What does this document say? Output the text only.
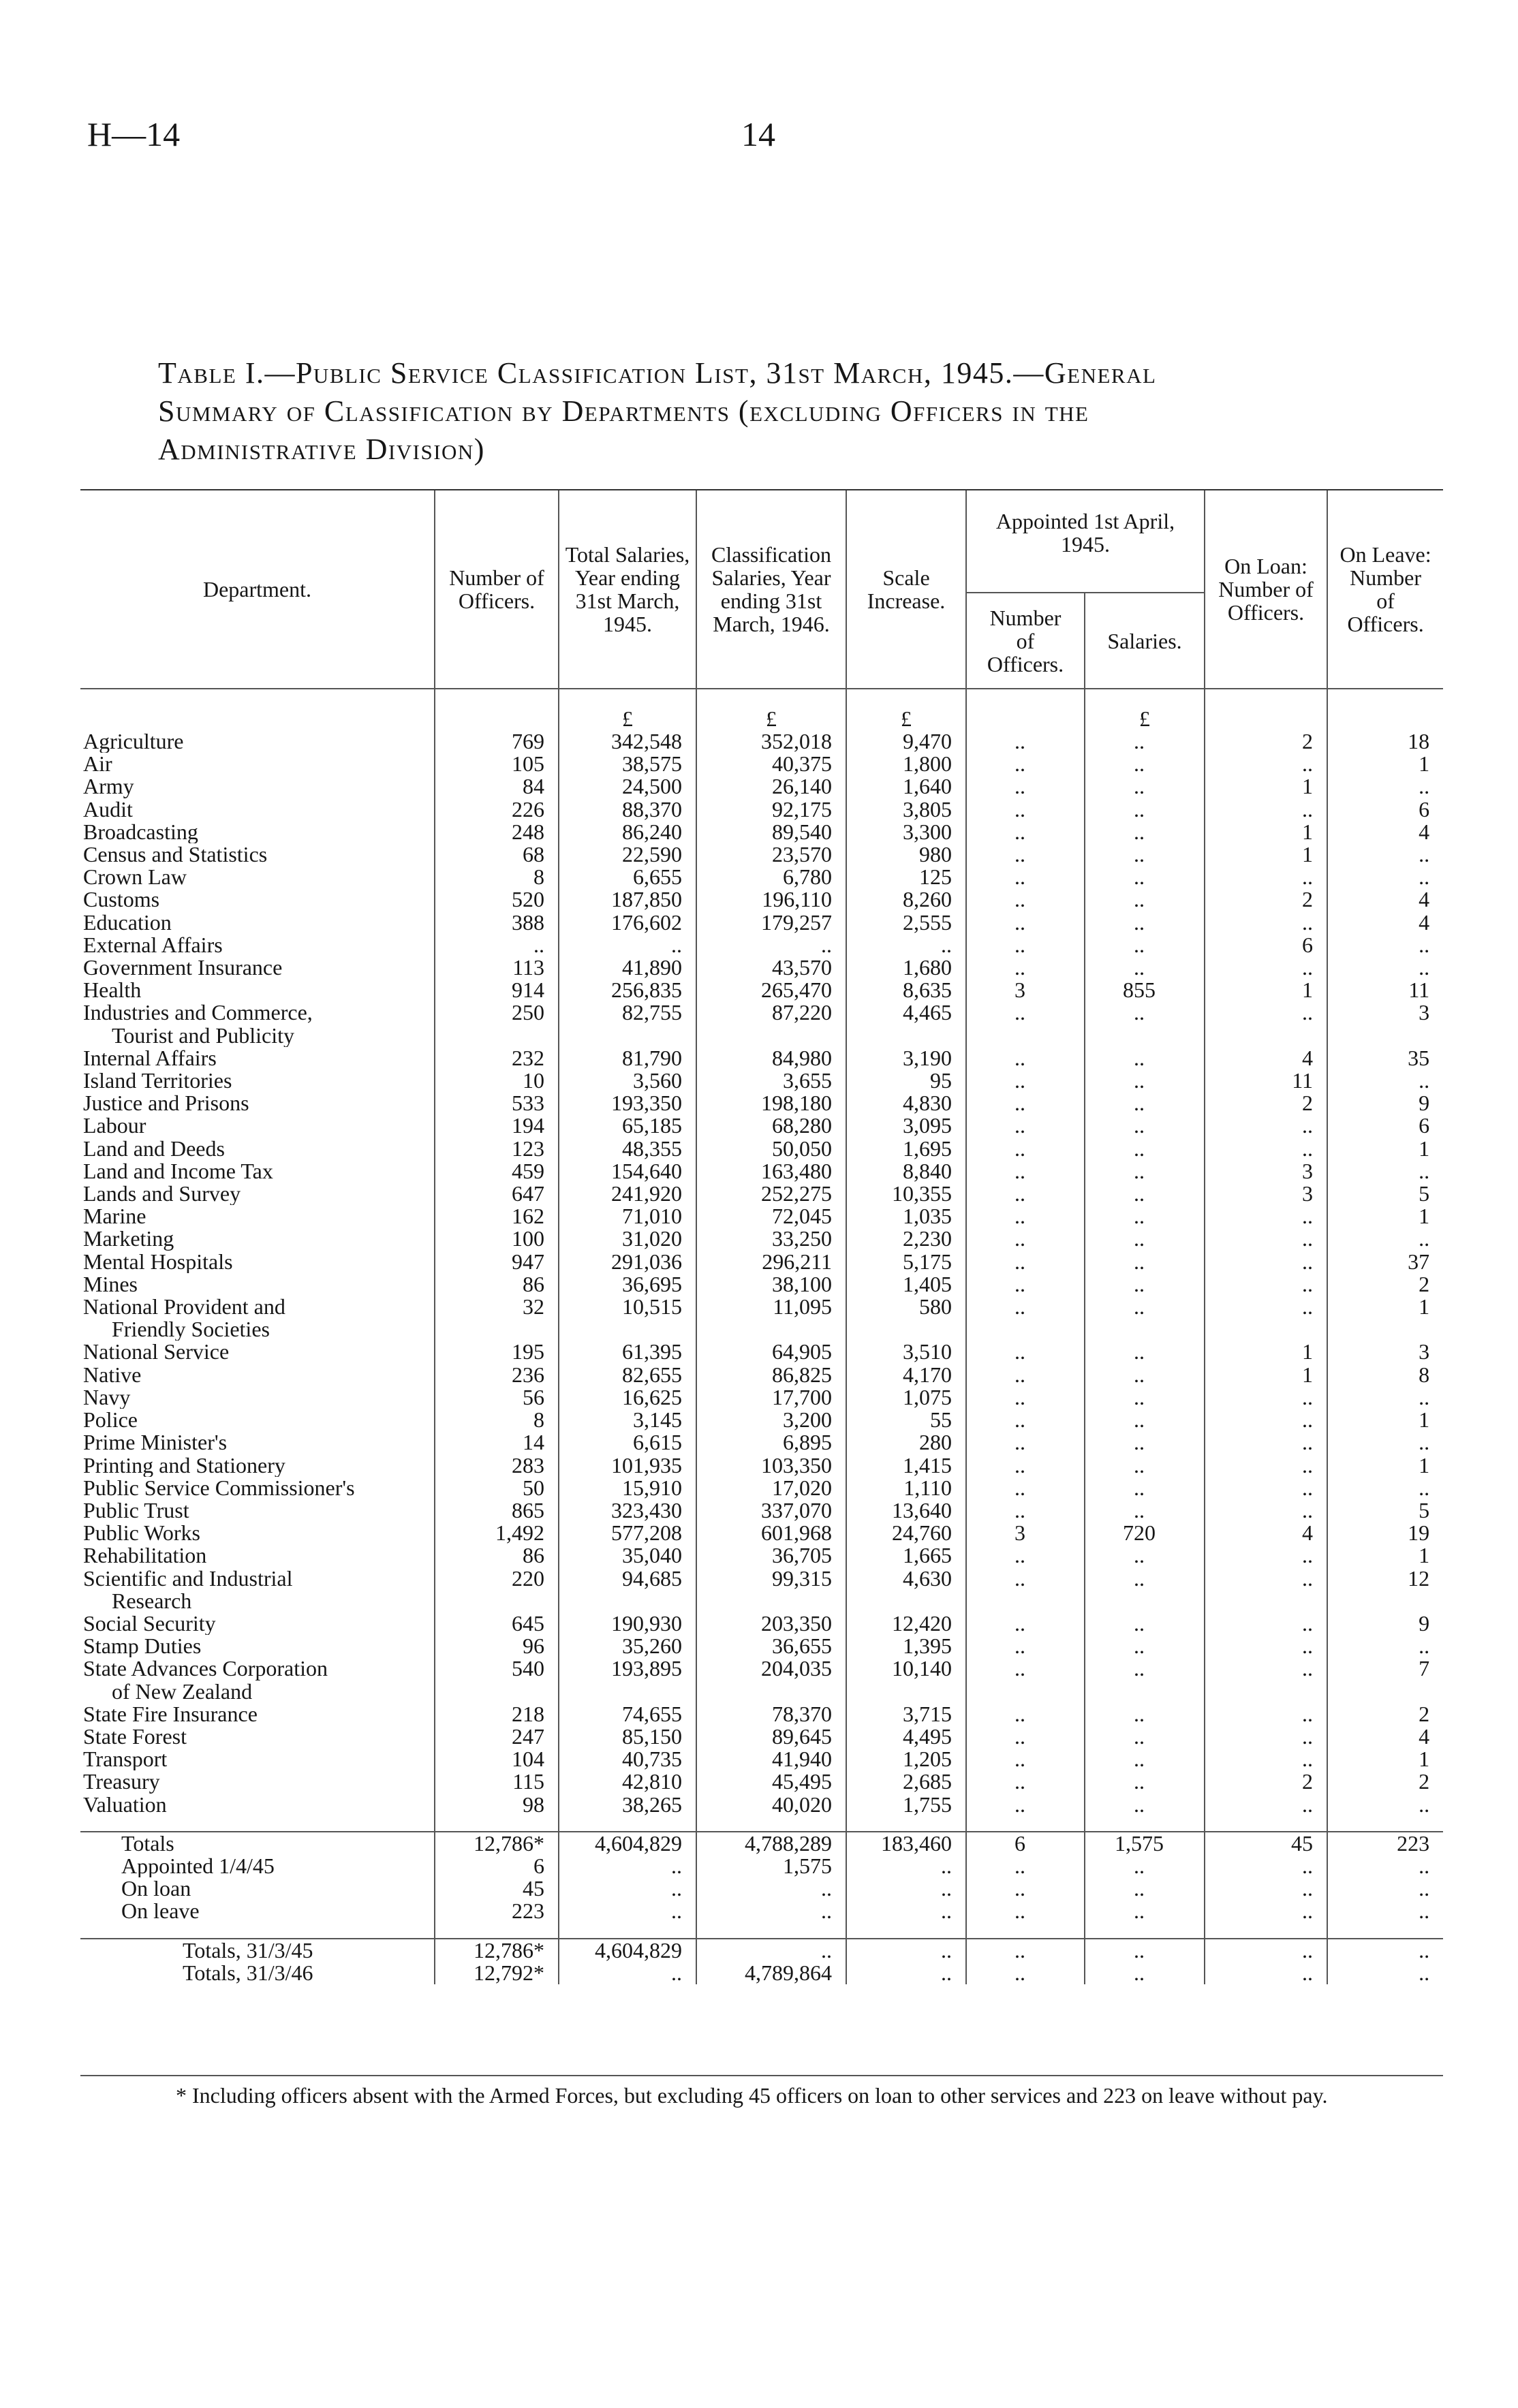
H—14	14
Table I.—Public Service Classification List, 31st March, 1945.—General
Summary of Classification by Departments (excluding Officers in the
Administrative Division)

Department.	Number of Officers.	Total Salaries, Year ending 31st March, 1945.	Classification Salaries, Year ending 31st March, 1946.	Scale Increase.	Appointed 1st April, 1945.		On Loan: Number of Officers.	On Leave: Number of Officers.
					Number of Officers.	Salaries.		
		£	£	£		£		
Agriculture	769	342,548	352,018	9,470	..	..	2	18
Air	105	38,575	40,375	1,800	..	..	..	1
Army	84	24,500	26,140	1,640	..	..	1	..
Audit	226	88,370	92,175	3,805	..	..	..	6
Broadcasting	248	86,240	89,540	3,300	..	..	1	4
Census and Statistics	68	22,590	23,570	980	..	..	1	..
Crown Law	8	6,655	6,780	125	..	..	..	..
Customs	520	187,850	196,110	8,260	..	..	2	4
Education	388	176,602	179,257	2,555	..	..	..	4
External Affairs	..	..	..	..	..	..	6	..
Government Insurance	113	41,890	43,570	1,680	..	..	..	..
Health	914	256,835	265,470	8,635	3	855	1	11
Industries and Commerce,	250	82,755	87,220	4,465	..	..	..	3
Tourist and Publicity								
Internal Affairs	232	81,790	84,980	3,190	..	..	4	35
Island Territories	10	3,560	3,655	95	..	..	11	..
Justice and Prisons	533	193,350	198,180	4,830	..	..	2	9
Labour	194	65,185	68,280	3,095	..	..	..	6
Land and Deeds	123	48,355	50,050	1,695	..	..	..	1
Land and Income Tax	459	154,640	163,480	8,840	..	..	3	..
Lands and Survey	647	241,920	252,275	10,355	..	..	3	5
Marine	162	71,010	72,045	1,035	..	..	..	1
Marketing	100	31,020	33,250	2,230	..	..	..	..
Mental Hospitals	947	291,036	296,211	5,175	..	..	..	37
Mines	86	36,695	38,100	1,405	..	..	..	2
National Provident and	32	10,515	11,095	580	..	..	..	1
Friendly Societies								
National Service	195	61,395	64,905	3,510	..	..	1	3
Native	236	82,655	86,825	4,170	..	..	1	8
Navy	56	16,625	17,700	1,075	..	..	..	..
Police	8	3,145	3,200	55	..	..	..	1
Prime Minister's	14	6,615	6,895	280	..	..	..	..
Printing and Stationery	283	101,935	103,350	1,415	..	..	..	1
Public Service Commissioner's	50	15,910	17,020	1,110	..	..	..	..
Public Trust	865	323,430	337,070	13,640	..	..	..	5
Public Works	1,492	577,208	601,968	24,760	3	720	4	19
Rehabilitation	86	35,040	36,705	1,665	..	..	..	1
Scientific and Industrial	220	94,685	99,315	4,630	..	..	..	12
Research								
Social Security	645	190,930	203,350	12,420	..	..	..	9
Stamp Duties	96	35,260	36,655	1,395	..	..	..	..
State Advances Corporation	540	193,895	204,035	10,140	..	..	..	7
of New Zealand								
State Fire Insurance	218	74,655	78,370	3,715	..	..	..	2
State Forest	247	85,150	89,645	4,495	..	..	..	4
Transport	104	40,735	41,940	1,205	..	..	..	1
Treasury	115	42,810	45,495	2,685	..	..	2	2
Valuation	98	38,265	40,020	1,755	..	..	..	..

Totals	12,786*	4,604,829	4,788,289	183,460	6	1,575	45	223
Appointed 1/4/45	6	..	1,575	..	..	..	..	..
On loan	45	..	..	..	..	..	..	..
On leave	223	..	..	..	..	..	..	..

Totals, 31/3/45	12,786*	4,604,829	..	..	..	..	..	..
Totals, 31/3/46	12,792*	..	4,789,864	..	..	..	..	..
* Including officers absent with the Armed Forces, but excluding 45 officers on loan to other services and 223 on leave without pay.
